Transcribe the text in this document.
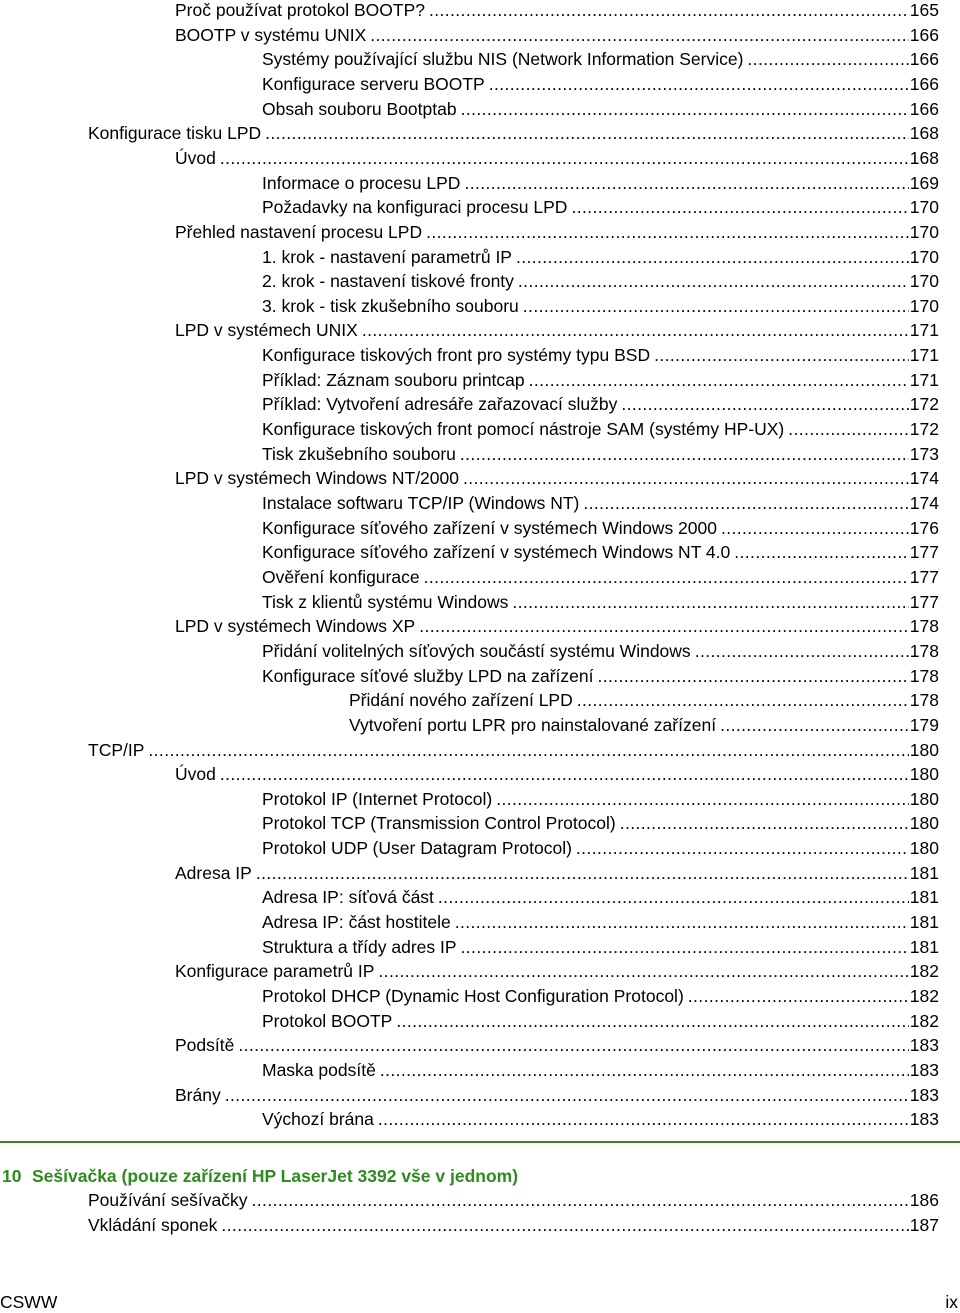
Proč používat protokol BOOTP? .....	165
BOOTP v systému UNIX .....	166
Systémy používající službu NIS (Network Information Service) .....	166
Konfigurace serveru BOOTP .....	166
Obsah souboru Bootptab .....	166
Konfigurace tisku LPD .....	168
Úvod .....	168
Informace o procesu LPD .....	169
Požadavky na konfiguraci procesu LPD .....	170
Přehled nastavení procesu LPD .....	170
1. krok - nastavení parametrů IP .....	170
2. krok - nastavení tiskové fronty .....	170
3. krok - tisk zkušebního souboru .....	170
LPD v systémech UNIX .....	171
Konfigurace tiskových front pro systémy typu BSD .....	171
Příklad: Záznam souboru printcap .....	171
Příklad: Vytvoření adresáře zařazovací služby .....	172
Konfigurace tiskových front pomocí nástroje SAM (systémy HP-UX) .....	172
Tisk zkušebního souboru .....	173
LPD v systémech Windows NT/2000 .....	174
Instalace softwaru TCP/IP (Windows NT) .....	174
Konfigurace síťového zařízení v systémech Windows 2000 .....	176
Konfigurace síťového zařízení v systémech Windows NT 4.0 .....	177
Ověření konfigurace .....	177
Tisk z klientů systému Windows .....	177
LPD v systémech Windows XP .....	178
Přidání volitelných síťových součástí systému Windows .....	178
Konfigurace síťové služby LPD na zařízení .....	178
Přidání nového zařízení LPD .....	178
Vytvoření portu LPR pro nainstalované zařízení .....	179
TCP/IP .....	180
Úvod .....	180
Protokol IP (Internet Protocol) .....	180
Protokol TCP (Transmission Control Protocol) .....	180
Protokol UDP (User Datagram Protocol) .....	180
Adresa IP .....	181
Adresa IP: síťová část .....	181
Adresa IP: část hostitele .....	181
Struktura a třídy adres IP .....	181
Konfigurace parametrů IP .....	182
Protokol DHCP (Dynamic Host Configuration Protocol) .....	182
Protokol BOOTP .....	182
Podsítě .....	183
Maska podsítě .....	183
Brány .....	183
Výchozí brána .....	183
10 Sešívačka (pouze zařízení HP LaserJet 3392 vše v jednom)
Používání sešívačky .....	186
Vkládání sponek .....	187
CSWW	ix
